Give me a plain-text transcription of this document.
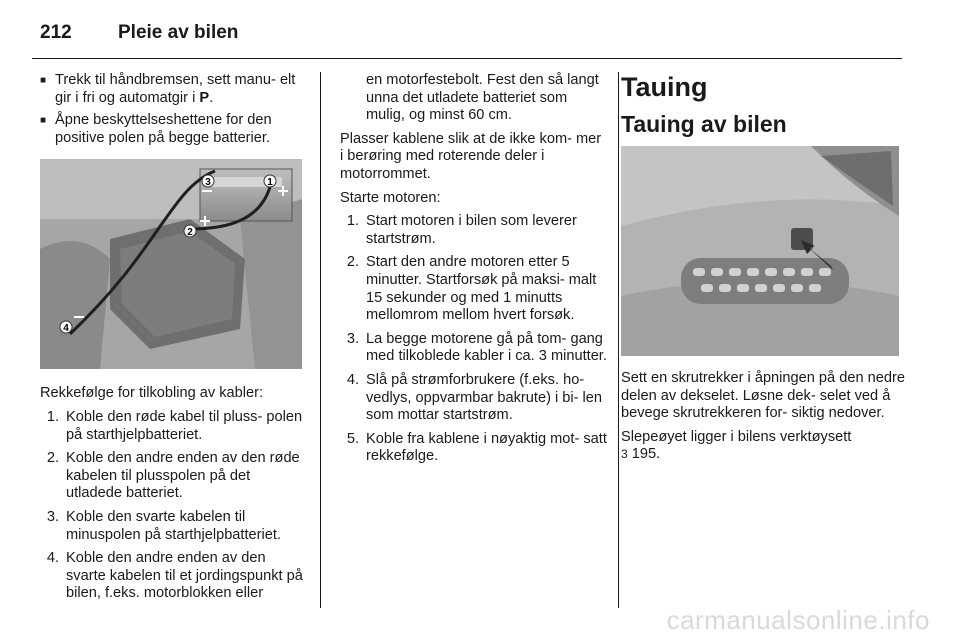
212	Pleie av bilen
■ Trekk til håndbremsen, sett manu- elt gir i fri og automatgir i P.
■ Åpne beskyttelseshettene for den positive polen på begge batterier.
3	1
2
4

Rekkefølge for tilkobling av kabler:

1. Koble den røde kabel til pluss- polen på starthjelpbatteriet.
2. Koble den andre enden av den røde kabelen til plusspolen på det utladede batteriet.
3. Koble den svarte kabelen til minuspolen på starthjelpbatteriet.
4. Koble den andre enden av den svarte kabelen til et jordingspunkt på bilen, f.eks. motorblokken eller
en motorfestebolt. Fest den så langt unna det utladete batteriet som mulig, og minst 60 cm.

Plasser kablene slik at de ikke kom- mer i berøring med roterende deler i motorrommet.

Starte motoren:

1. Start motoren i bilen som leverer startstrøm.
2. Start den andre motoren etter 5 minutter. Startforsøk på maksi- malt 15 sekunder og med 1 minutts mellomrom mellom hvert forsøk.
3. La begge motorene gå på tom- gang med tilkoblede kabler i ca. 3 minutter.
4. Slå på strømforbrukere (f.eks. ho- vedlys, oppvarmbar bakrute) i bi- len som mottar startstrøm.
5. Koble fra kablene i nøyaktig mot- satt rekkefølge.
Tauing
Tauing av bilen

Sett en skrutrekker i åpningen på den nedre delen av dekselet. Løsne dek- selet ved å bevege skrutrekkeren for- siktig nedover.

Slepeøyet ligger i bilens verktøysett
3 195.

carmanualsonline.info
